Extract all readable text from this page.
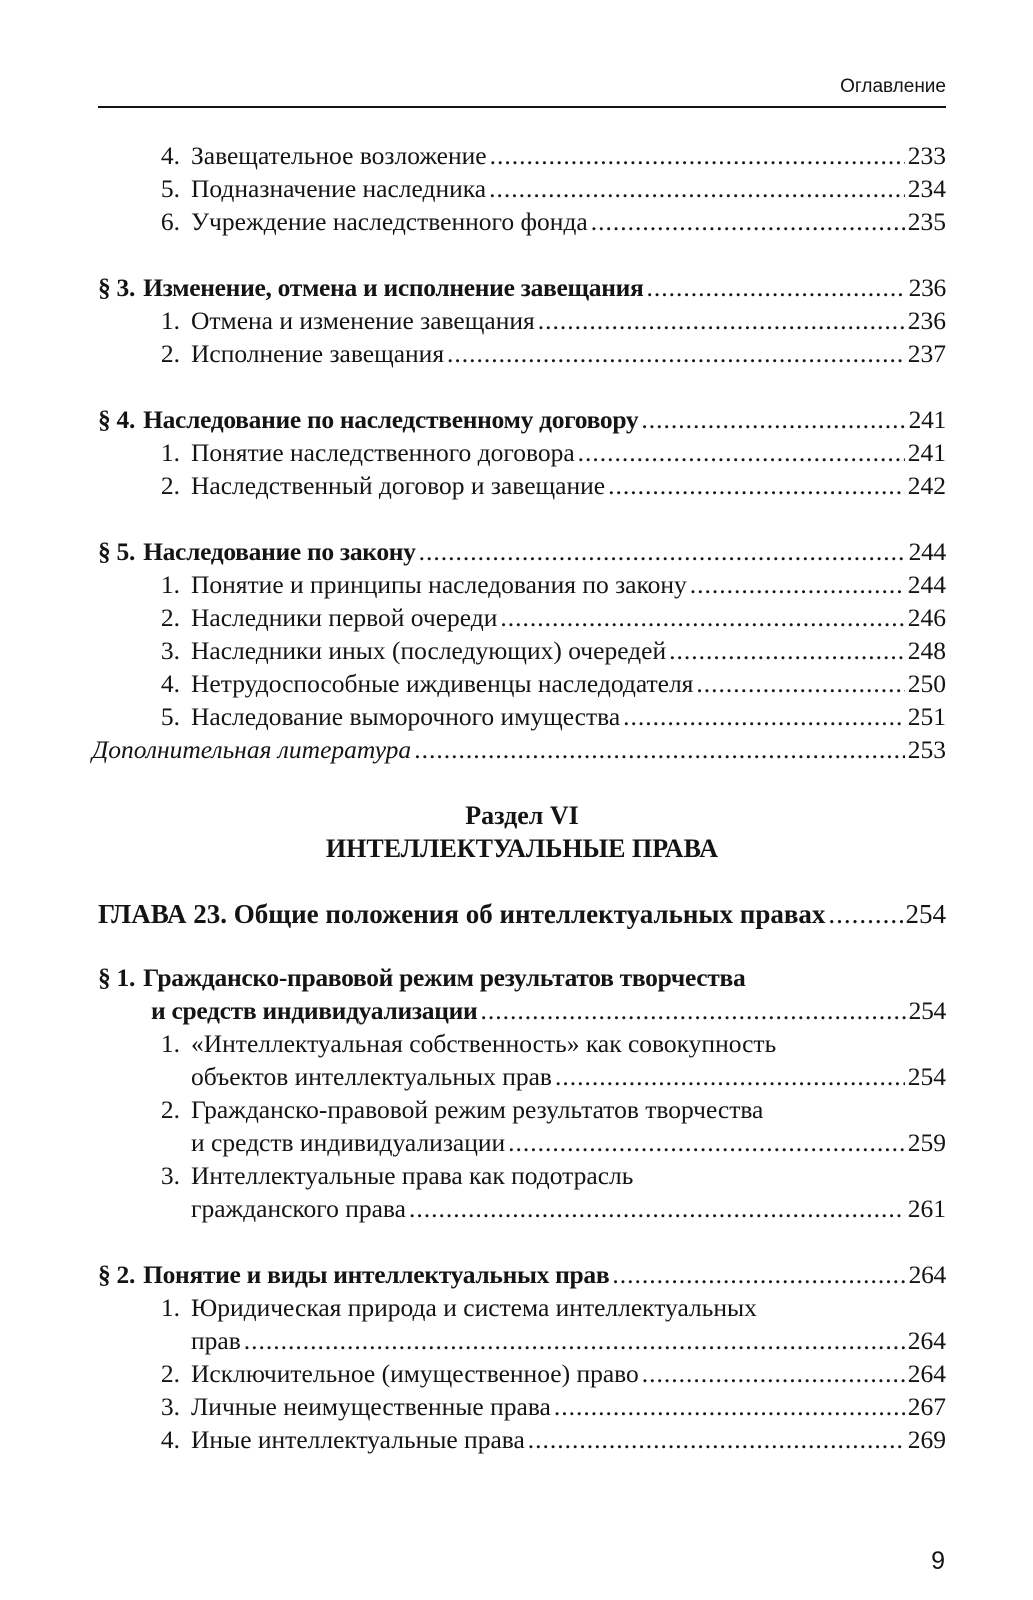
Оглавление
4. Завещательное возложение .....	233
5. Подназначение наследника .....	234
6. Учреждение наследственного фонда .....	235
§ 3. Изменение, отмена и исполнение завещания .....	236
1. Отмена и изменение завещания .....	236
2. Исполнение завещания .....	237
§ 4. Наследование по наследственному договору .....	241
1. Понятие наследственного договора .....	241
2. Наследственный договор и завещание .....	242
§ 5. Наследование по закону .....	244
1. Понятие и принципы наследования по закону .....	244
2. Наследники первой очереди .....	246
3. Наследники иных (последующих) очередей .....	248
4. Нетрудоспособные иждивенцы наследодателя .....	250
5. Наследование выморочного имущества .....	251
Дополнительная литература .....	253
Раздел VI
ИНТЕЛЛЕКТУАЛЬНЫЕ ПРАВА
ГЛАВА 23. Общие положения об интеллектуальных правах .....	254
§ 1. Гражданско-правовой режим результатов творчества
и средств индивидуализации .....	254
1. «Интеллектуальная собственность» как совокупность
объектов интеллектуальных прав .....	254
2. Гражданско-правовой режим результатов творчества
и средств индивидуализации .....	259
3. Интеллектуальные права как подотрасль
гражданского права .....	261
§ 2. Понятие и виды интеллектуальных прав .....	264
1. Юридическая природа и система интеллектуальных
прав .....	264
2. Исключительное (имущественное) право .....	264
3. Личные неимущественные права .....	267
4. Иные интеллектуальные права .....	269
9
